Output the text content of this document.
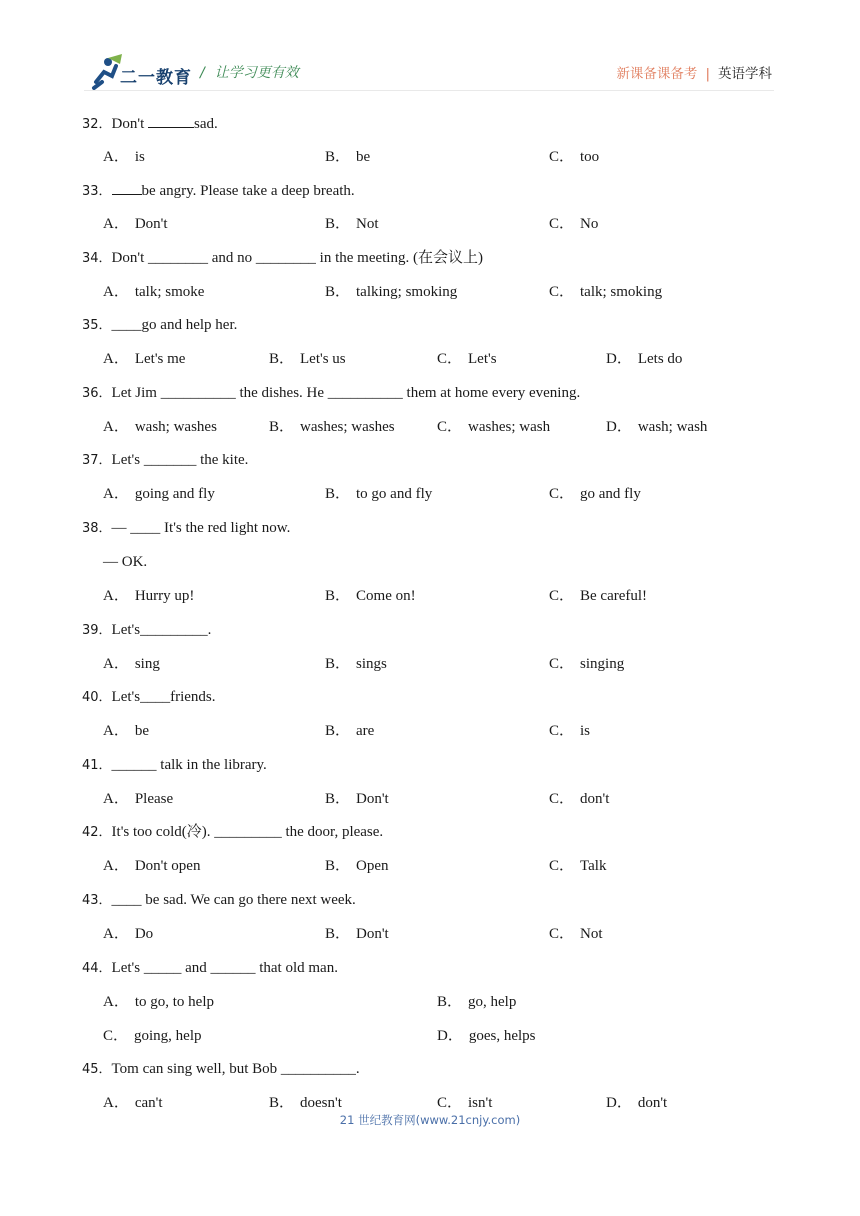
二一教育 / 让学习更有效	新课备课备考 | 英语学科
32．Don't	sad.
A． is	B． be	C． too
33． be angry. Please take a deep breath.
A． Don't	B． Not	C． No
34．Don't ________ and no ________ in the meeting. (在会议上)
A． talk; smoke	B． talking; smoking	C． talk; smoking
35．____go and help her.
A． Let's me	B． Let's us	C． Let's	D． Lets do
36．Let Jim __________ the dishes. He __________ them at home every evening.
A． wash; washes	B． washes; washes	C． washes; wash	D． wash; wash
37．Let's _______ the kite.
A． going and fly	B． to go and fly	C． go and fly
38．— ____ It's the red light now.
— OK.
A． Hurry up!	B． Come on!	C． Be careful!
39．Let's_________.
A． sing	B． sings	C． singing
40．Let's____friends.
A． be	B． are	C． is
41．______ talk in the library.
A． Please	B． Don't	C． don't
42．It's too cold(冷). _________ the door, please.
A． Don't open	B． Open	C． Talk
43．____ be sad. We can go there next week.
A． Do	B． Don't	C． Not
44．Let's _____ and ______ that old man.
A． to go, to help	B． go, help
C． going, help	D． goes, helps
45．Tom can sing well, but Bob __________.
A． can't	B． doesn't	C． isn't	D． don't
21 世纪教育网(www.21cnjy.com)
